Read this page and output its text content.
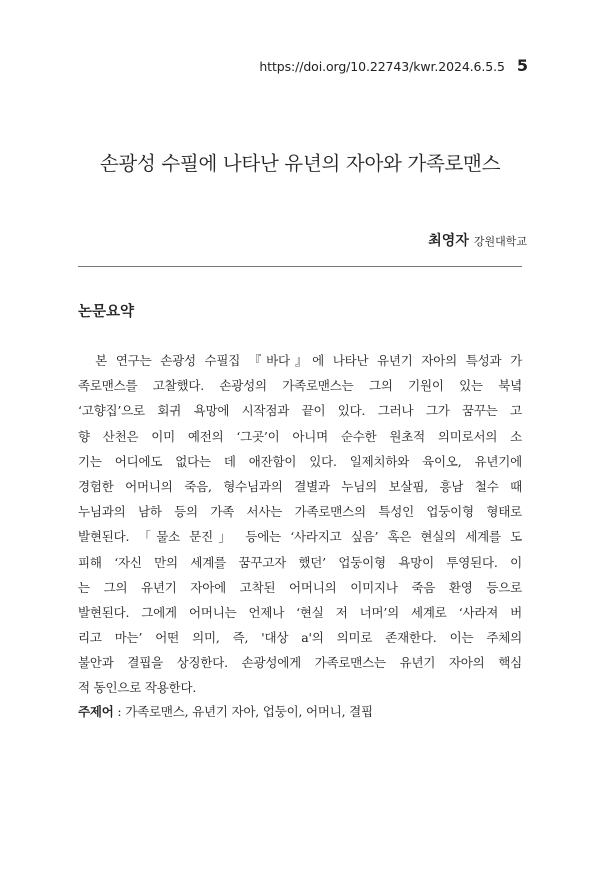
https://doi.org/10.22743/kwr.2024.6.5.5 5
손광성 수필에 나타난 유년의 자아와 가족로맨스
최영자 강원대학교
논문요약
　본 연구는 손광성 수필집 『바다』에 나타난 유년기 자아의 특성과 가
족로맨스를 고찰했다. 손광성의 가족로맨스는 그의 기원이 있는 북녘
‘고향집’으로 회귀 욕망에 시작점과 끝이 있다. 그러나 그가 꿈꾸는 고
향 산천은 이미 예전의 ‘그곳’이 아니며 순수한 원초적 의미로서의 소
기는 어디에도 없다는 데 애잔함이 있다. 일제치하와 육이오, 유년기에
경험한 어머니의 죽음, 형수님과의 결별과 누님의 보살핌, 흥남 철수 때
누님과의 남하 등의 가족 서사는 가족로맨스의 특성인 업둥이형 형태로
발현된다. 「물소 문진」 등에는 ‘사라지고 싶음’ 혹은 현실의 세계를 도
피해 ‘자신 만의 세계를 꿈꾸고자 했던’ 업둥이형 욕망이 투영된다. 이
는 그의 유년기 자아에 고착된 어머니의 이미지나 죽음 환영 등으로
발현된다. 그에게 어머니는 언제나 ‘현실 저 너머’의 세계로 ‘사라져 버
리고 마는’ 어떤 의미, 즉, '대상 a'의 의미로 존재한다. 이는 주체의
불안과 결핍을 상징한다. 손광성에게 가족로맨스는 유년기 자아의 핵심
적 동인으로 작용한다.
주제어 : 가족로맨스, 유년기 자아, 업둥이, 어머니, 결핍
